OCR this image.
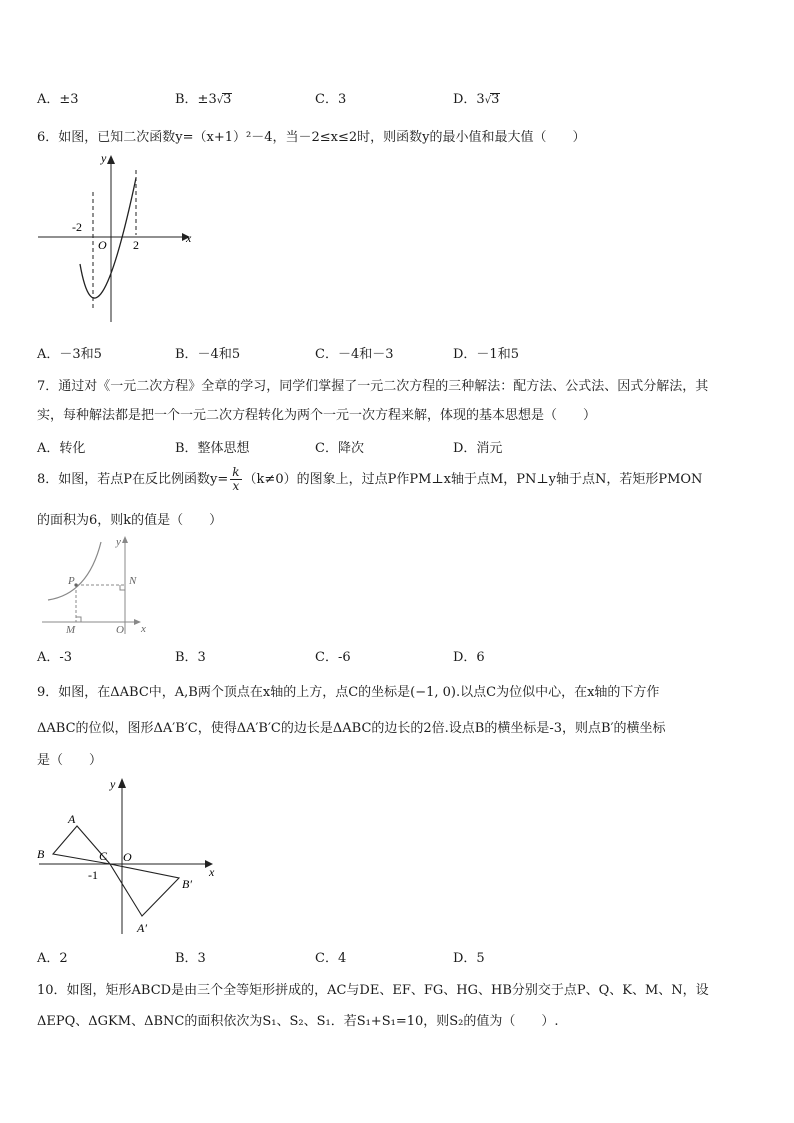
A．±3	B．±3√3	C．3	D．3√3
6．如图，已知二次函数y=（x+1）²－4，当－2≤x≤2时，则函数y的最小值和最大值（　　）
y
x
O
-2
2
A．－3和5	B．－4和5	C．－4和－3	D．－1和5
7．通过对《一元二次方程》全章的学习，同学们掌握了一元二次方程的三种解法：配方法、公式法、因式分解法，其
实，每种解法都是把一个一元二次方程转化为两个一元一次方程来解，体现的基本思想是（　　）
A．转化	B．整体思想	C．降次	D．消元
8．如图，若点P在反比例函数$y= \frac{k}{x} (k\ne 0)$的图象上，过点P作PM⊥x轴于点M，PN⊥y轴于点N，若矩形PMON
的面积为6，则k的值是（　　）
y
x
O
P	N
M
A．-3	B．3	C．-6	D．6
9．如图，在ΔABC中，A,B两个顶点在x轴的上方，点C的坐标是(−1, 0).以点C为位似中心，在x轴的下方作
ΔABC的位似，图形ΔA′B′C，使得ΔA′B′C的边长是ΔABC的边长的2倍.设点B的横坐标是-3，则点B′的横坐标
是（　　）
y
x
A
B	C O
-1
B′
A′
A．2	B．3	C．4	D．5
10．如图，矩形ABCD是由三个全等矩形拼成的，AC与DE、EF、FG、HG、HB分别交于点P、Q、K、M、N，设
ΔEPQ、ΔGKM、ΔBNC的面积依次为S₁、S₂、S₁．若S₁+S₁=10，则S₂的值为（　　）.
